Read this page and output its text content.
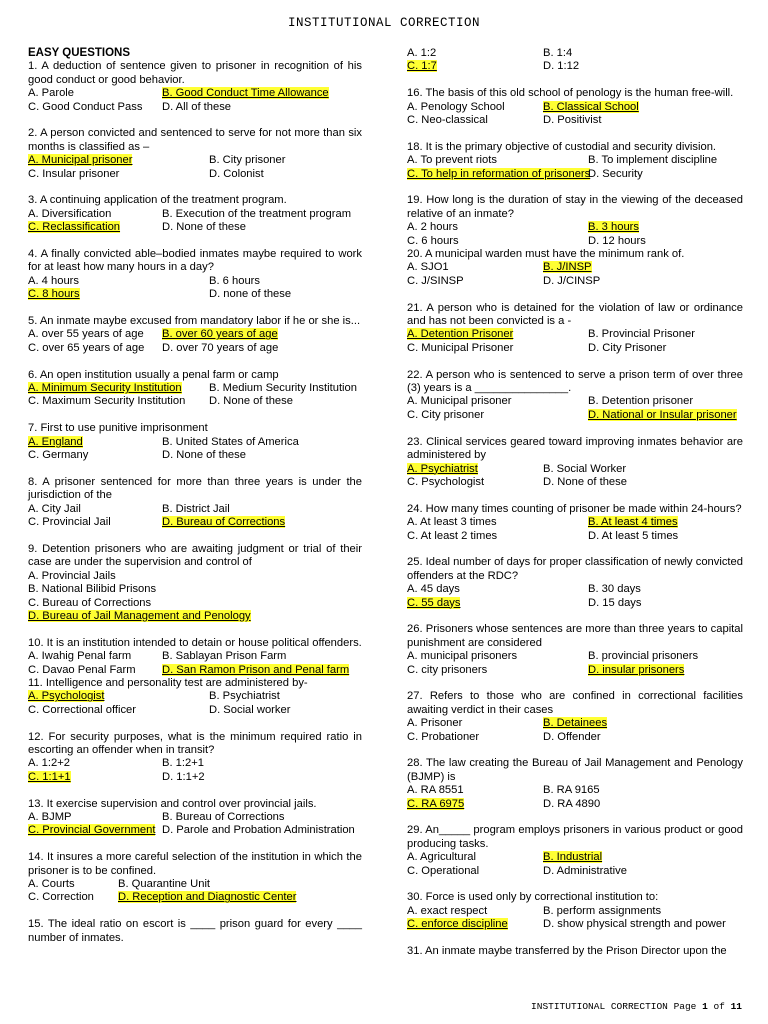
INSTITUTIONAL CORRECTION
EASY QUESTIONS
1. A deduction of sentence given to prisoner in recognition of his good conduct or good behavior.
A. Parole	B. Good Conduct Time Allowance
C. Good Conduct Pass	D. All of these
2. A person convicted and sentenced to serve for not more than six months is classified as –
A. Municipal prisoner	B. City prisoner
C. Insular prisoner	D. Colonist
3. A continuing application of the treatment program.
A. Diversification	B. Execution of the treatment program
C. Reclassification	D. None of these
4. A finally convicted able–bodied inmates maybe required to work for at least how many hours in a day?
A. 4 hours	B. 6 hours
C. 8 hours	D. none of these
5. An inmate maybe excused from mandatory labor if he or she is...
A. over 55 years of age	B. over 60 years of age
C. over 65 years of age	D. over 70 years of age
6. An open institution usually a penal farm or camp
A. Minimum Security Institution	B. Medium Security Institution
C. Maximum Security Institution	D. None of these
7. First to use punitive imprisonment
A. England	B. United States of America
C. Germany	D. None of these
8. A prisoner sentenced for more than three years is under the jurisdiction of the
A. City Jail	B. District Jail
C. Provincial Jail	D. Bureau of Corrections
9. Detention prisoners who are awaiting judgment or trial of their case are under the supervision and control of
A. Provincial Jails
B. National Bilibid Prisons
C. Bureau of Corrections
D. Bureau of Jail Management and Penology
10. It is an institution intended to detain or house political offenders.
A. Iwahig Penal farm	B. Sablayan Prison Farm
C. Davao Penal Farm	D. San Ramon Prison and Penal farm
11. Intelligence and personality test are administered by-
A. Psychologist	B. Psychiatrist
C. Correctional officer	D. Social worker
12. For security purposes, what is the minimum required ratio in escorting an offender when in transit?
A. 1:2+2	B. 1:2+1
C. 1:1+1	D. 1:1+2
13. It exercise supervision and control over provincial jails.
A. BJMP	B. Bureau of Corrections
C. Provincial Government D. Parole and Probation Administration
14. It insures a more careful selection of the institution in which the prisoner is to be confined.
A. Courts	B. Quarantine Unit
C. Correction	D. Reception and Diagnostic Center
15. The ideal ratio on escort is ____ prison guard for every ____ number of inmates.
A. 1:2	B. 1:4
C. 1:7	D. 1:12
16. The basis of this old school of penology is the human free-will.
A. Penology School	B. Classical School
C. Neo-classical	D. Positivist
18. It is the primary objective of custodial and security division.
A. To prevent riots	B. To implement discipline
C. To help in reformation of prisoners
D. Security
19. How long is the duration of stay in the viewing of the deceased relative of an inmate?
A. 2 hours	B. 3 hours
C. 6 hours	D. 12 hours
20. A municipal warden must have the minimum rank of.
A. SJO1	B. J/INSP
C. J/SINSP	D. J/CINSP
21. A person who is detained for the violation of law or ordinance and has not been convicted is a -
A. Detention Prisoner	B. Provincial Prisoner
C. Municipal Prisoner	D. City Prisoner
22. A person who is sentenced to serve a prison term of over three (3) years is a _______________.
A. Municipal prisoner	B. Detention prisoner
C. City prisoner	D. National or Insular prisoner
23. Clinical services geared toward improving inmates behavior are administered by
A. Psychiatrist	B. Social Worker
C. Psychologist	D. None of these
24. How many times counting of prisoner be made within 24-hours?
A. At least 3 times	B. At least 4 times
C. At least 2 times	D. At least 5 times
25. Ideal number of days for proper classification of newly convicted offenders at the RDC?
A. 45 days	B. 30 days
C. 55 days	D. 15 days
26. Prisoners whose sentences are more than three years to capital punishment are considered
A. municipal prisoners	B. provincial prisoners
C. city prisoners	D. insular prisoners
27. Refers to those who are confined in correctional facilities awaiting verdict in their cases
A. Prisoner	B. Detainees
C. Probationer	D. Offender
28. The law creating the Bureau of Jail Management and Penology (BJMP) is
A. RA 8551	B. RA 9165
C. RA 6975	D. RA 4890
29. An_____ program employs prisoners in various product or good producing tasks.
A. Agricultural	B. Industrial
C. Operational	D. Administrative
30. Force is used only by correctional institution to:
A. exact respect	B. perform assignments
C. enforce discipline	D. show physical strength and power
31. An inmate maybe transferred by the Prison Director upon the
INSTITUTIONAL CORRECTION Page 1 of 11
